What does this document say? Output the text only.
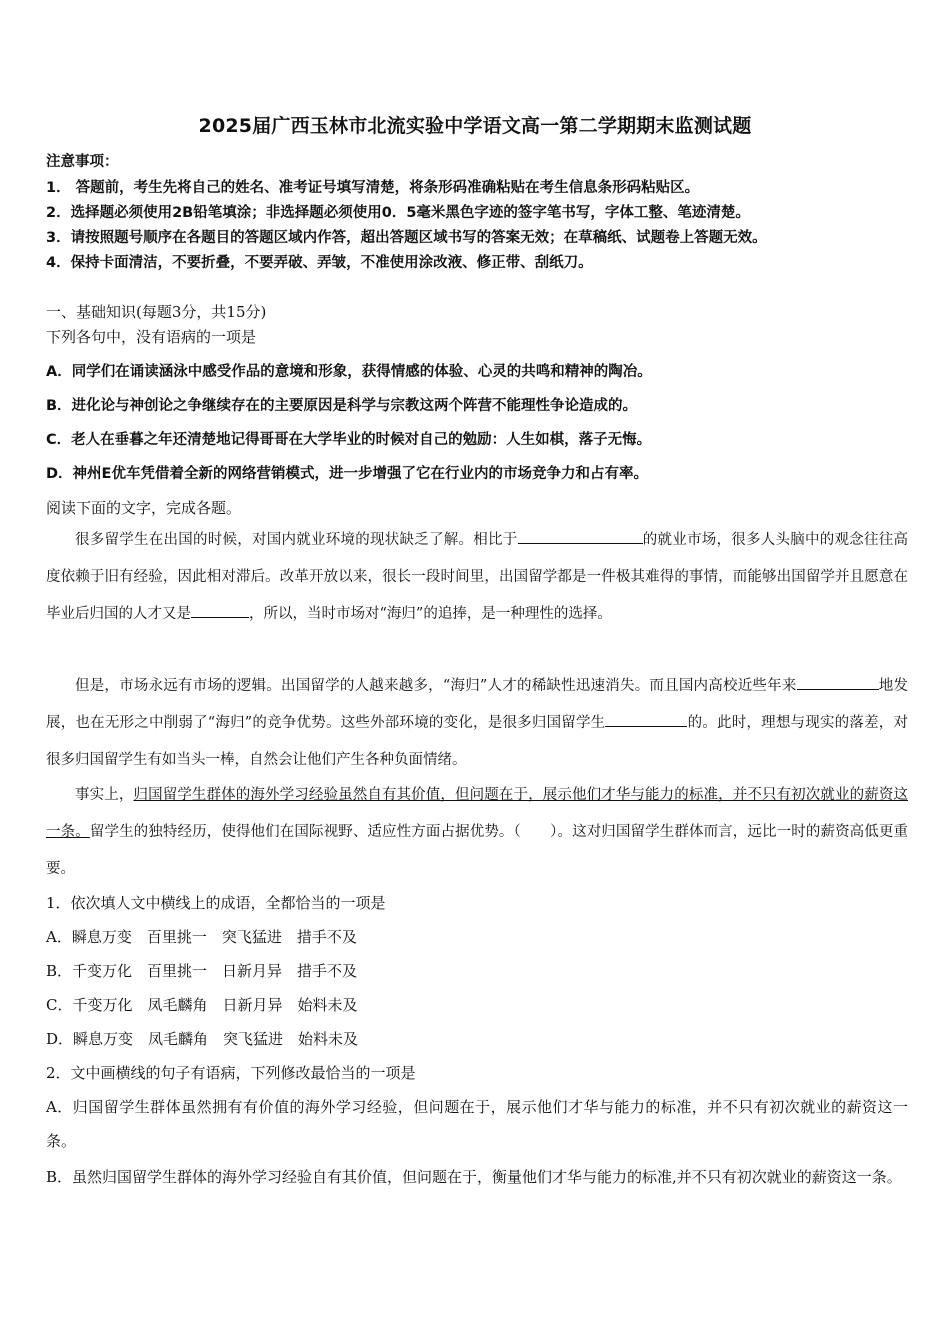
2025届广西玉林市北流实验中学语文高一第二学期期末监测试题
注意事项：
1． 答题前，考生先将自己的姓名、准考证号填写清楚，将条形码准确粘贴在考生信息条形码粘贴区。
2．选择题必须使用2B铅笔填涂；非选择题必须使用0．5毫米黑色字迹的签字笔书写，字体工整、笔迹清楚。
3．请按照题号顺序在各题目的答题区域内作答，超出答题区域书写的答案无效；在草稿纸、试题卷上答题无效。
4．保持卡面清洁，不要折叠，不要弄破、弄皱，不准使用涂改液、修正带、刮纸刀。
一、基础知识(每题3分，共15分)
下列各句中，没有语病的一项是
A．同学们在诵读涵泳中感受作品的意境和形象，获得情感的体验、心灵的共鸣和精神的陶冶。
B．进化论与神创论之争继续存在的主要原因是科学与宗教这两个阵营不能理性争论造成的。
C．老人在垂暮之年还清楚地记得哥哥在大学毕业的时候对自己的勉励：人生如棋，落子无悔。
D．神州E优车凭借着全新的网络营销模式，进一步增强了它在行业内的市场竞争力和占有率。
阅读下面的文字，完成各题。
很多留学生在出国的时候，对国内就业环境的现状缺乏了解。相比于	的就业市场，很多人头脑中的观念往往高度依赖于旧有经验，因此相对滞后。改革开放以来，很长一段时间里，出国留学都是一件极其难得的事情，而能够出国留学并且愿意在毕业后归国的人才又是	，所以，当时市场对“海归”的追捧，是一种理性的选择。
但是，市场永远有市场的逻辑。出国留学的人越来越多，“海归”人才的稀缺性迅速消失。而且国内高校近些年来	地发展，也在无形之中削弱了“海归”的竞争优势。这些外部环境的变化，是很多归国留学生	的。此时，理想与现实的落差，对很多归国留学生有如当头一棒，自然会让他们产生各种负面情绪。
事实上，归国留学生群体的海外学习经验虽然自有其价值，但问题在于，展示他们才华与能力的标准，并不只有初次就业的薪资这一条。留学生的独特经历，使得他们在国际视野、适应性方面占据优势。（　　）。这对归国留学生群体而言，远比一时的薪资高低更重要。
1．依次填人文中横线上的成语，全都恰当的一项是
A．瞬息万变　百里挑一　突飞猛进　措手不及
B．千变万化　百里挑一　日新月异　措手不及
C．千变万化　凤毛麟角　日新月异　始料未及
D．瞬息万变　凤毛麟角　突飞猛进　始料未及
2．文中画横线的句子有语病，下列修改最恰当的一项是
A．归国留学生群体虽然拥有有价值的海外学习经验，但问题在于，展示他们才华与能力的标准，并不只有初次就业的薪资这一条。
B．虽然归国留学生群体的海外学习经验自有其价值，但问题在于，衡量他们才华与能力的标准,并不只有初次就业的薪资这一条。
